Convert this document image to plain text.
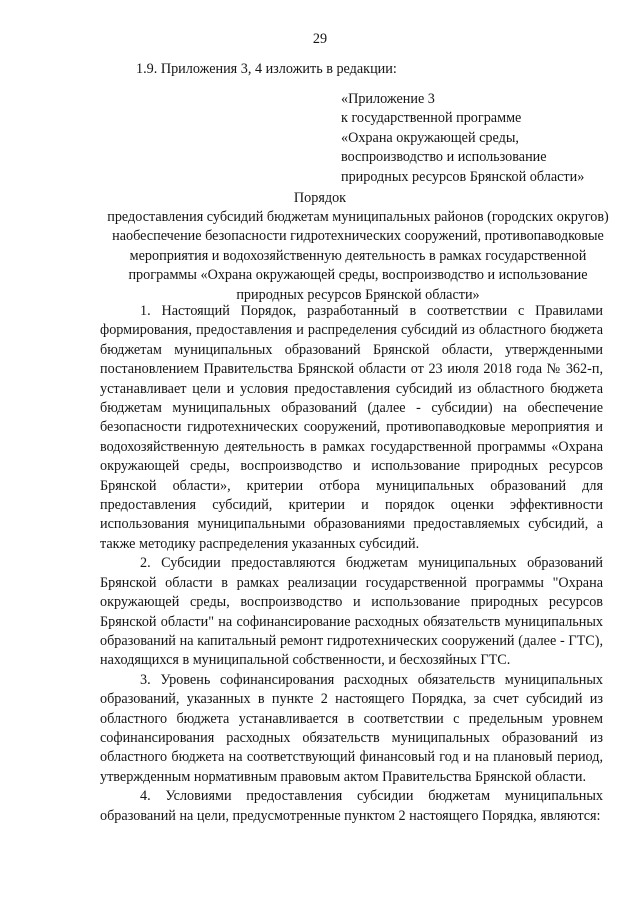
29
1.9. Приложения 3, 4 изложить в редакции:
«Приложение 3
к государственной программе
«Охрана окружающей среды,
воспроизводство и использование
природных ресурсов Брянской области»
Порядок
предоставления субсидий бюджетам муниципальных районов (городских округов) наобеспечение безопасности гидротехнических сооружений, противопаводковые мероприятия и водохозяйственную деятельность в рамках государственной программы «Охрана окружающей среды, воспроизводство и использование природных ресурсов Брянской области»

1. Настоящий Порядок, разработанный в соответствии с Правилами формирования, предоставления и распределения субсидий из областного бюджета бюджетам муниципальных образований Брянской области, утвержденными постановлением Правительства Брянской области от 23 июля 2018 года № 362-п, устанавливает цели и условия предоставления субсидий из областного бюджета бюджетам муниципальных образований (далее - субсидии) на обеспечение безопасности гидротехнических сооружений, противопаводковые мероприятия и водохозяйственную деятельность в рамках государственной программы «Охрана окружающей среды, воспроизводство и использование природных ресурсов Брянской области», критерии отбора муниципальных образований для предоставления субсидий, критерии и порядок оценки эффективности использования муниципальными образованиями предоставляемых субсидий, а также методику распределения указанных субсидий.

2. Субсидии предоставляются бюджетам муниципальных образований Брянской области в рамках реализации государственной программы "Охрана окружающей среды, воспроизводство и использование природных ресурсов Брянской области" на софинансирование расходных обязательств муниципальных образований на капитальный ремонт гидротехнических сооружений (далее - ГТС), находящихся в муниципальной собственности, и бесхозяйных ГТС.

3. Уровень софинансирования расходных обязательств муниципальных образований, указанных в пункте 2 настоящего Порядка, за счет субсидий из областного бюджета устанавливается в соответствии с предельным уровнем софинансирования расходных обязательств муниципальных образований из областного бюджета на соответствующий финансовый год и на плановый период, утвержденным нормативным правовым актом Правительства Брянской области.

4. Условиями предоставления субсидии бюджетам муниципальных образований на цели, предусмотренные пунктом 2 настоящего Порядка, являются:
